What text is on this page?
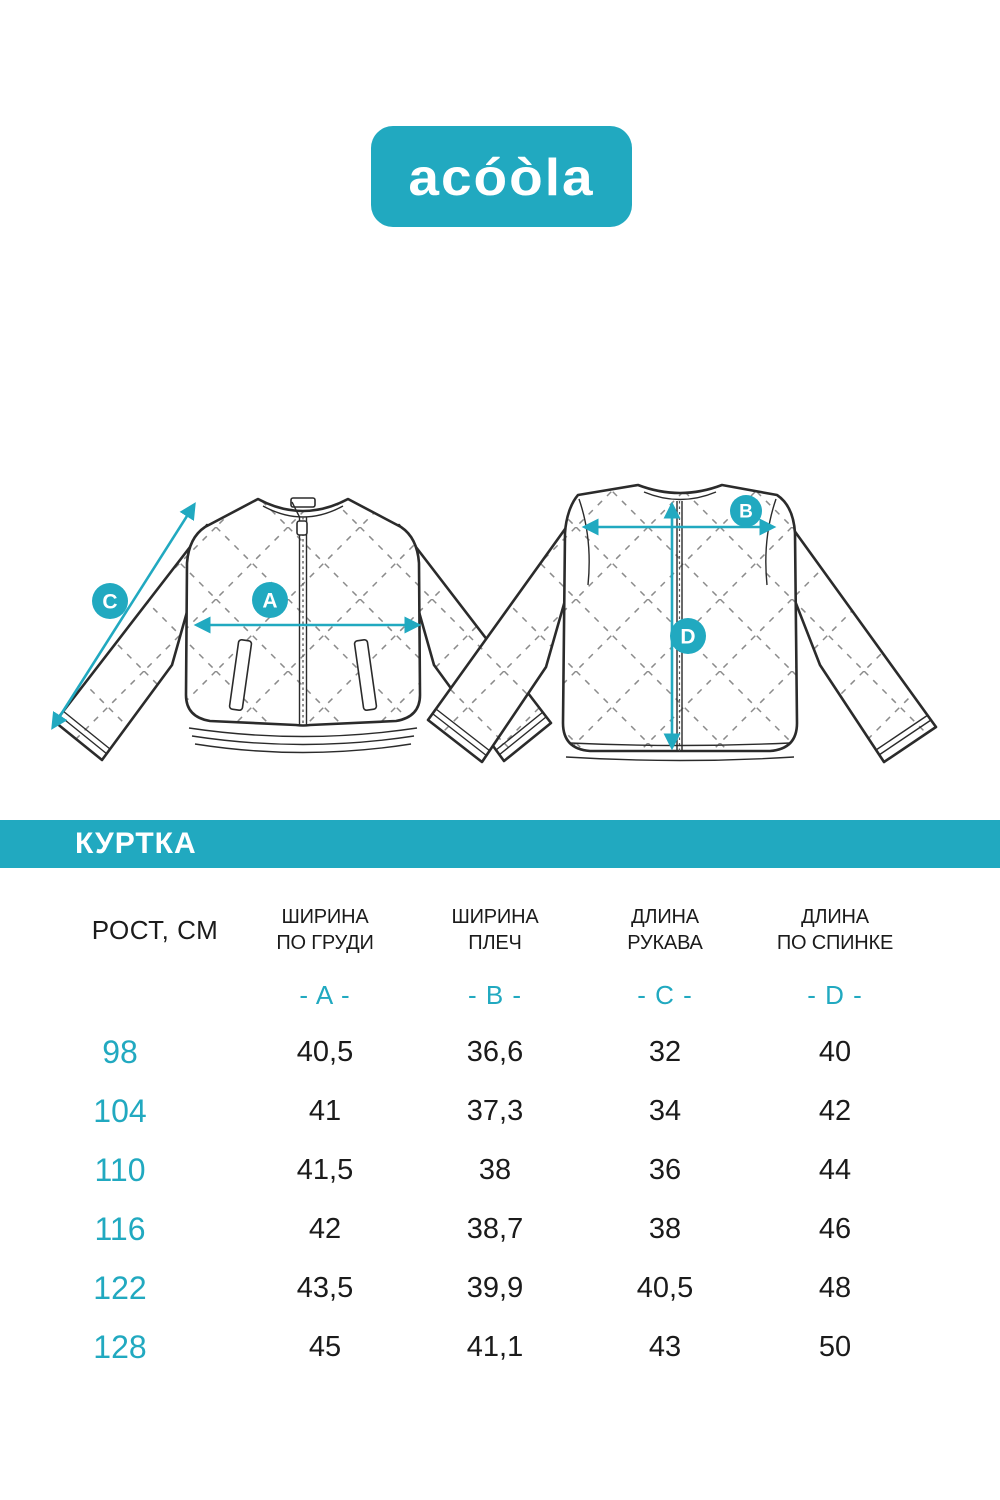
acóòla
A
C
B
D
КУРТКА
РОСТ, СМ	ШИРИНА
ПО ГРУДИ
ШИРИНА
ПЛЕЧ
ДЛИНА
РУКАВА
ДЛИНА
ПО СПИНКЕ
- A -	- B -	- C -	- D -
98	40,5	36,6	32	40
104	41	37,3	34	42
110	41,5	38	36	44
116	42	38,7	38	46
122	43,5	39,9	40,5	48
128	45	41,1	43	50
